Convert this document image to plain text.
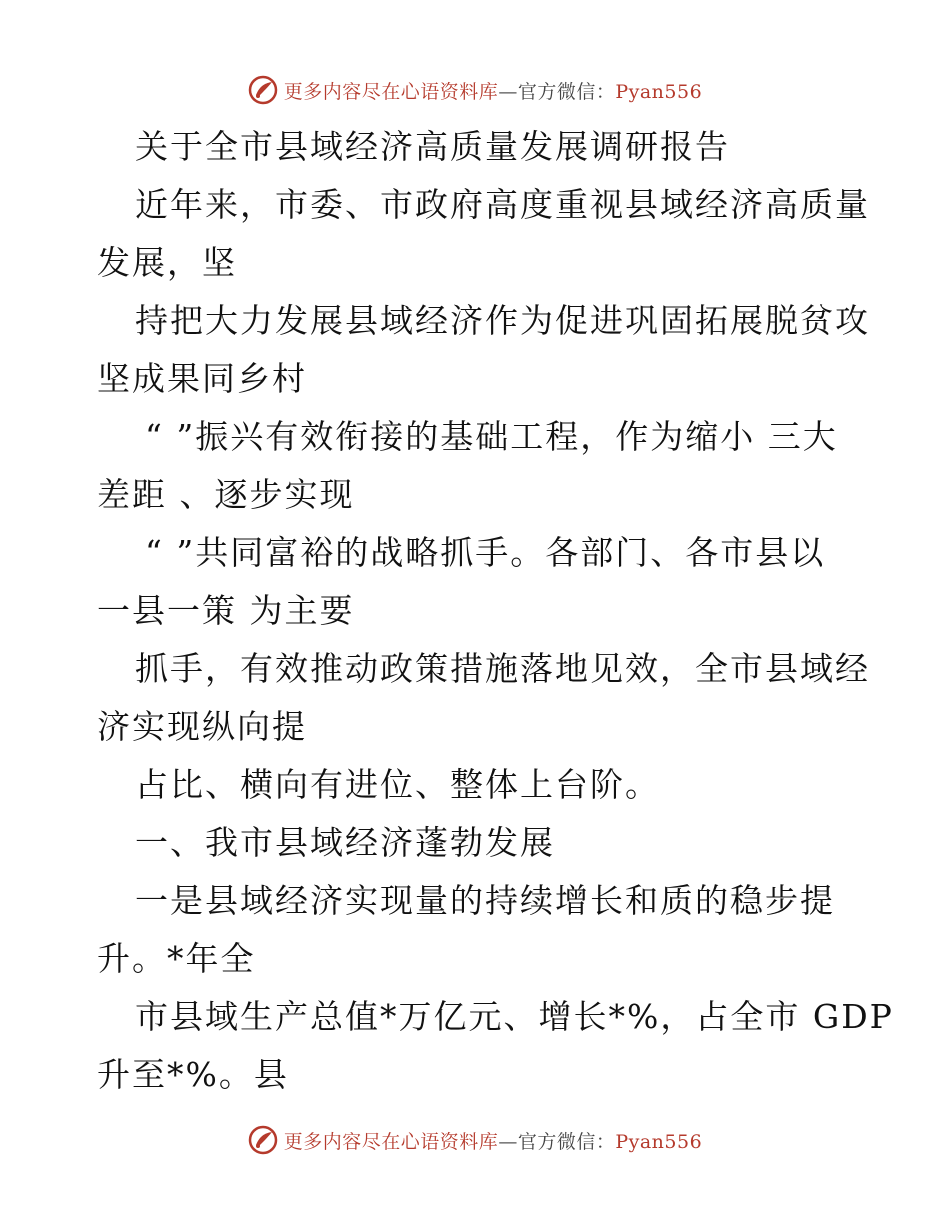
更多内容尽在心语资料库—官方微信：Pyan556
关于全市县域经济高质量发展调研报告
近年来，市委、市政府高度重视县域经济高质量
发展，坚
持把大力发展县域经济作为促进巩固拓展脱贫攻
坚成果同乡村
“ ”振兴有效衔接的基础工程，作为缩小 三大
差距 、逐步实现
“ ”共同富裕的战略抓手。各部门、各市县以
一县一策 为主要
抓手，有效推动政策措施落地见效，全市县域经
济实现纵向提
占比、横向有进位、整体上台阶。
一、我市县域经济蓬勃发展
一是县域经济实现量的持续增长和质的稳步提
升。*年全
市县域生产总值*万亿元、增长*%，占全市 GDP
升至*%。县
更多内容尽在心语资料库—官方微信：Pyan556
